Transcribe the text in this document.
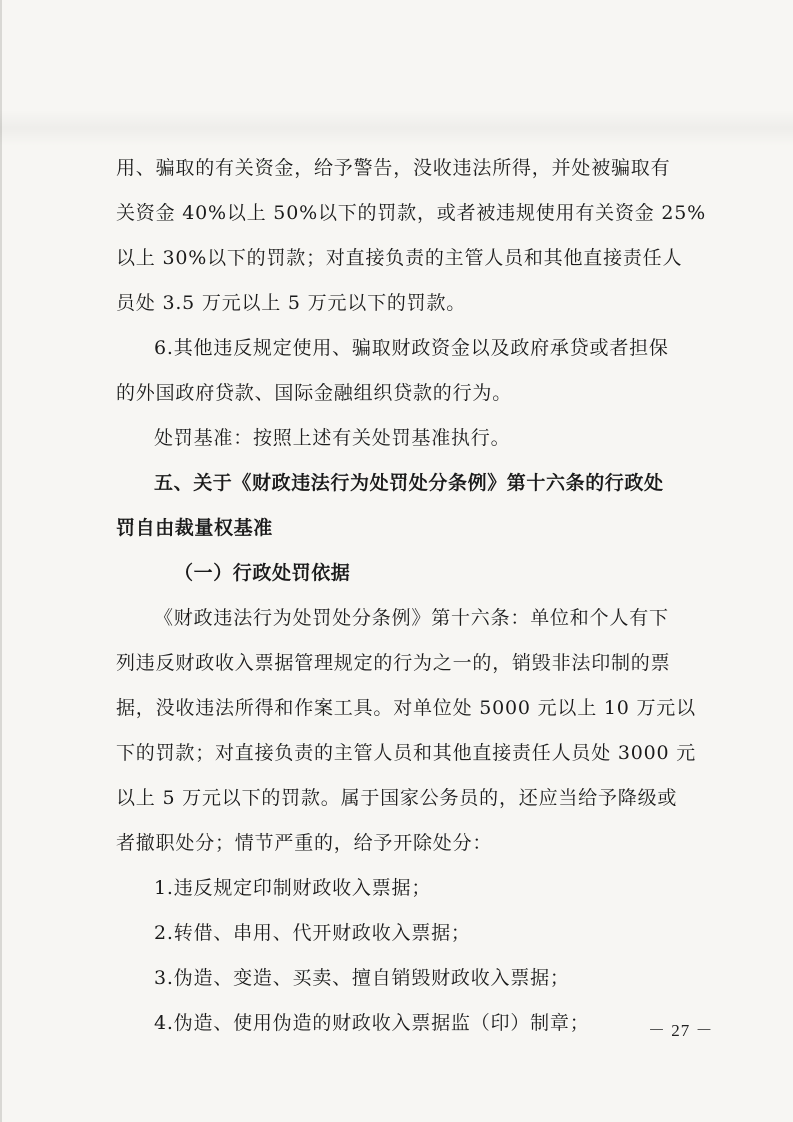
用、骗取的有关资金，给予警告，没收违法所得，并处被骗取有
关资金 40%以上 50%以下的罚款，或者被违规使用有关资金 25%
以上 30%以下的罚款；对直接负责的主管人员和其他直接责任人
员处 3.5 万元以上 5 万元以下的罚款。
6.其他违反规定使用、骗取财政资金以及政府承贷或者担保
的外国政府贷款、国际金融组织贷款的行为。
处罚基准：按照上述有关处罚基准执行。
五、关于《财政违法行为处罚处分条例》第十六条的行政处
罚自由裁量权基准
（一）行政处罚依据
《财政违法行为处罚处分条例》第十六条：单位和个人有下
列违反财政收入票据管理规定的行为之一的，销毁非法印制的票
据，没收违法所得和作案工具。对单位处 5000 元以上 10 万元以
下的罚款；对直接负责的主管人员和其他直接责任人员处 3000 元
以上 5 万元以下的罚款。属于国家公务员的，还应当给予降级或
者撤职处分；情节严重的，给予开除处分：
1.违反规定印制财政收入票据；
2.转借、串用、代开财政收入票据；
3.伪造、变造、买卖、擅自销毁财政收入票据；
4.伪造、使用伪造的财政收入票据监（印）制章；	－ 27 －
